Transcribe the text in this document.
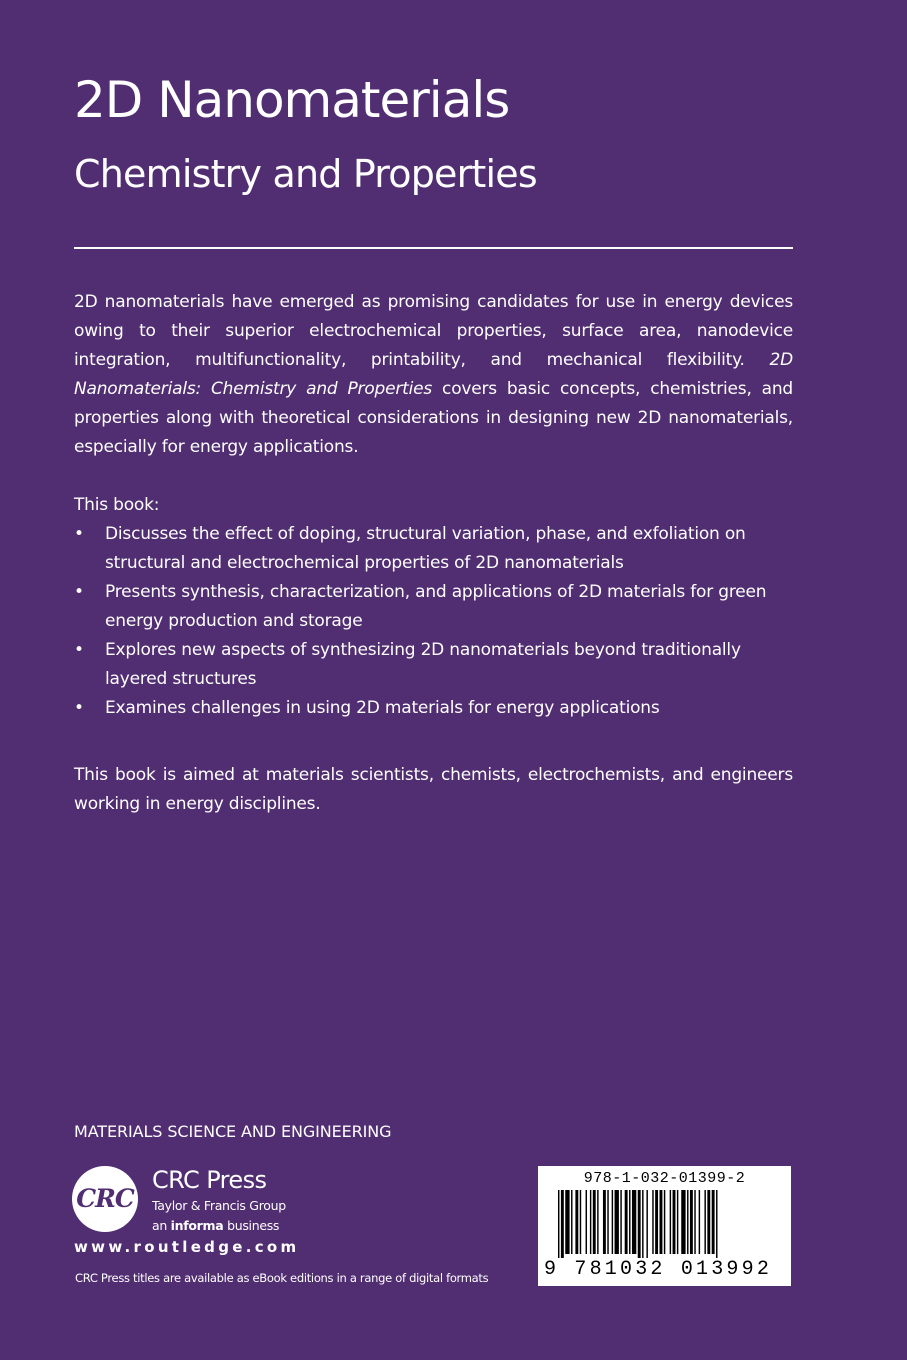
2D Nanomaterials
Chemistry and Properties

2D nanomaterials have emerged as promising candidates for use in energy devices owing to their superior electrochemical properties, surface area, nanodevice integration, multifunctionality, printability, and mechanical flexibility. 2D Nanomaterials: Chemistry and Properties covers basic concepts, chemistries, and properties along with theoretical considerations in designing new 2D nanomaterials, especially for energy applications.

This book:

• Discusses the effect of doping, structural variation, phase, and exfoliation on structural and electrochemical properties of 2D nanomaterials
• Presents synthesis, characterization, and applications of 2D materials for green energy production and storage
• Explores new aspects of synthesizing 2D nanomaterials beyond traditionally layered structures
• Examines challenges in using 2D materials for energy applications

This book is aimed at materials scientists, chemists, electrochemists, and engineers working in energy disciplines.

MATERIALS SCIENCE AND ENGINEERING
CRC
CRC Press
Taylor & Francis Group
an informa business
www.routledge.com
CRC Press titles are available as eBook editions in a range of digital formats
978-1-032-01399-2
9 781032 013992
